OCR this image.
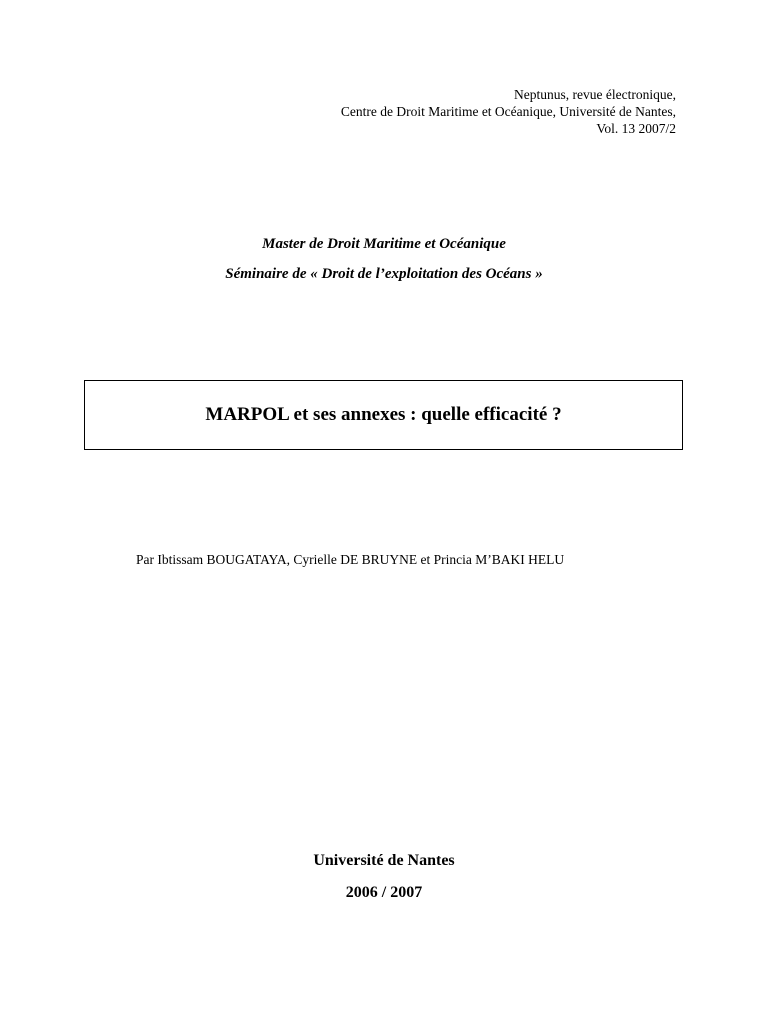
Neptunus, revue électronique,
Centre de Droit Maritime et Océanique, Université de Nantes,
Vol. 13 2007/2
Master de Droit Maritime et Océanique
Séminaire de « Droit de l’exploitation des Océans »
MARPOL et ses annexes : quelle efficacité ?
Par Ibtissam BOUGATAYA, Cyrielle DE BRUYNE et Princia M’BAKI HELU
Université de Nantes
2006 / 2007
